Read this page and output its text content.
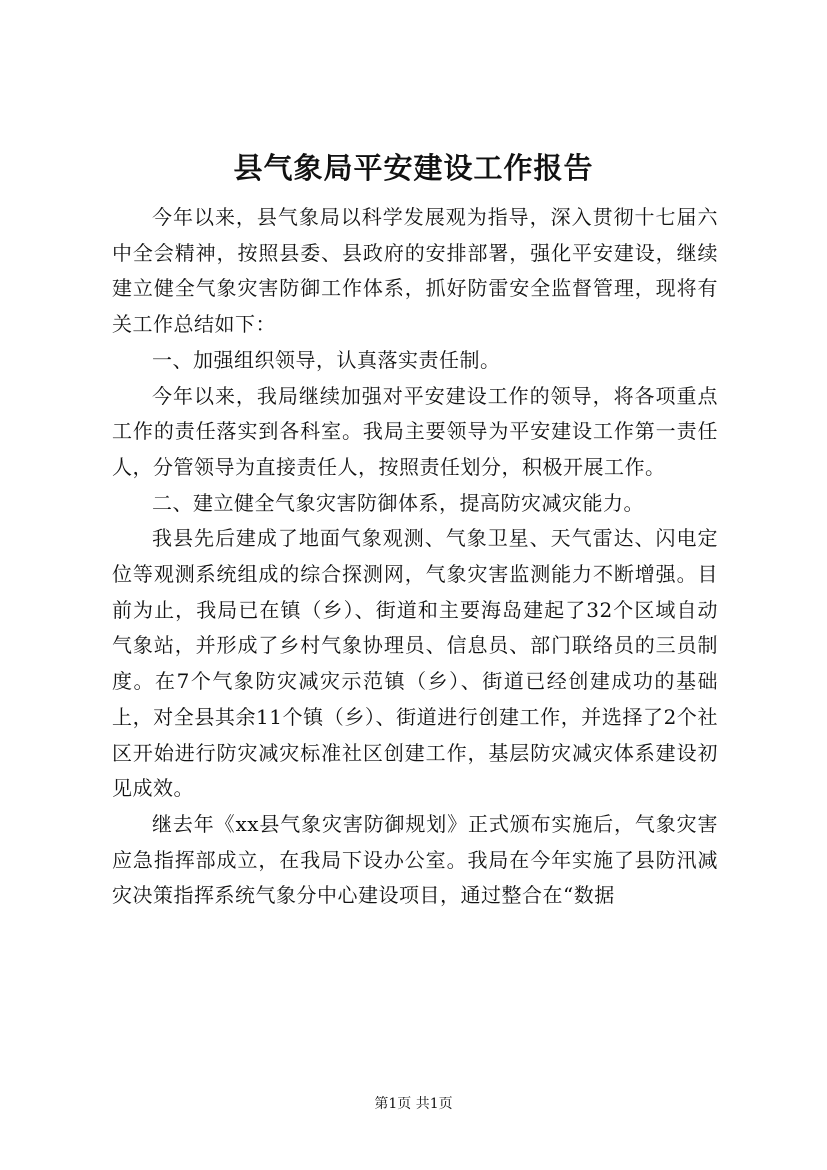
县气象局平安建设工作报告

今年以来，县气象局以科学发展观为指导，深入贯彻十七届六中全会精神，按照县委、县政府的安排部署，强化平安建设，继续建立健全气象灾害防御工作体系，抓好防雷安全监督管理，现将有关工作总结如下：

一、加强组织领导，认真落实责任制。

今年以来，我局继续加强对平安建设工作的领导，将各项重点工作的责任落实到各科室。我局主要领导为平安建设工作第一责任人，分管领导为直接责任人，按照责任划分，积极开展工作。

二、建立健全气象灾害防御体系，提高防灾减灾能力。

我县先后建成了地面气象观测、气象卫星、天气雷达、闪电定位等观测系统组成的综合探测网，气象灾害监测能力不断增强。目前为止，我局已在镇（乡）、街道和主要海岛建起了32个区域自动气象站，并形成了乡村气象协理员、信息员、部门联络员的三员制度。在7个气象防灾减灾示范镇（乡）、街道已经创建成功的基础上，对全县其余11个镇（乡）、街道进行创建工作，并选择了2个社区开始进行防灾减灾标准社区创建工作，基层防灾减灾体系建设初见成效。

继去年《xx县气象灾害防御规划》正式颁布实施后，气象灾害应急指挥部成立，在我局下设办公室。我局在今年实施了县防汛减灾决策指挥系统气象分中心建设项目，通过整合在“数据

第1页 共1页
